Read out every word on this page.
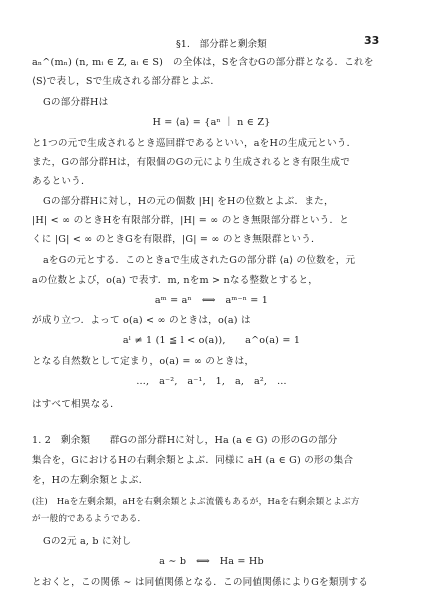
§1.　部分群と剰余類	33
aₙ^(mₙ) (n, mᵢ ∈ Z, aᵢ ∈ S)　の全体は，Sを含むGの部分群となる．これを
⟨S⟩で表し，Sで生成される部分群とよぶ．
Gの部分群Hは
H = ⟨a⟩ = {aⁿ ｜ n ∈ Z}
と1つの元で生成されるとき巡回群であるといい，aをHの生成元という．
また，Gの部分群Hは，有限個のGの元により生成されるとき有限生成で
あるという．
Gの部分群Hに対し，Hの元の個数 |H| をHの位数とよぶ．また，
|H| < ∞ のときHを有限部分群，|H| = ∞ のとき無限部分群という．と
くに |G| < ∞ のときGを有限群，|G| = ∞ のとき無限群という．
aをGの元とする．このときaで生成されたGの部分群 ⟨a⟩ の位数を，元
aの位数とよび，o(a) で表す．m, nをm > nなる整数とすると，
aᵐ = aⁿ　⟺　aᵐ⁻ⁿ = 1
が成り立つ．よって o(a) < ∞ のときは，o(a) は
aˡ ≠ 1 (1 ≦ l < o(a)),　　a^o(a) = 1
となる自然数として定まり，o(a) = ∞ のときは，
…,　a⁻²,　a⁻¹,　1,　a,　a²,　…
はすべて相異なる．
1. 2　剰余類　　群Gの部分群Hに対し，Ha (a ∈ G) の形のGの部分
集合を，GにおけるHの右剰余類とよぶ．同様に aH (a ∈ G) の形の集合
を，Hの左剰余類とよぶ．
(注)　Haを左剰余類，aHを右剰余類とよぶ流儀もあるが，Haを右剰余類とよぶ方
が一般的であるようである．
Gの2元 a, b に対し
a ∼ b　⟺　Ha = Hb
とおくと，この関係 ∼ は同値関係となる．この同値関係によりGを類別する
